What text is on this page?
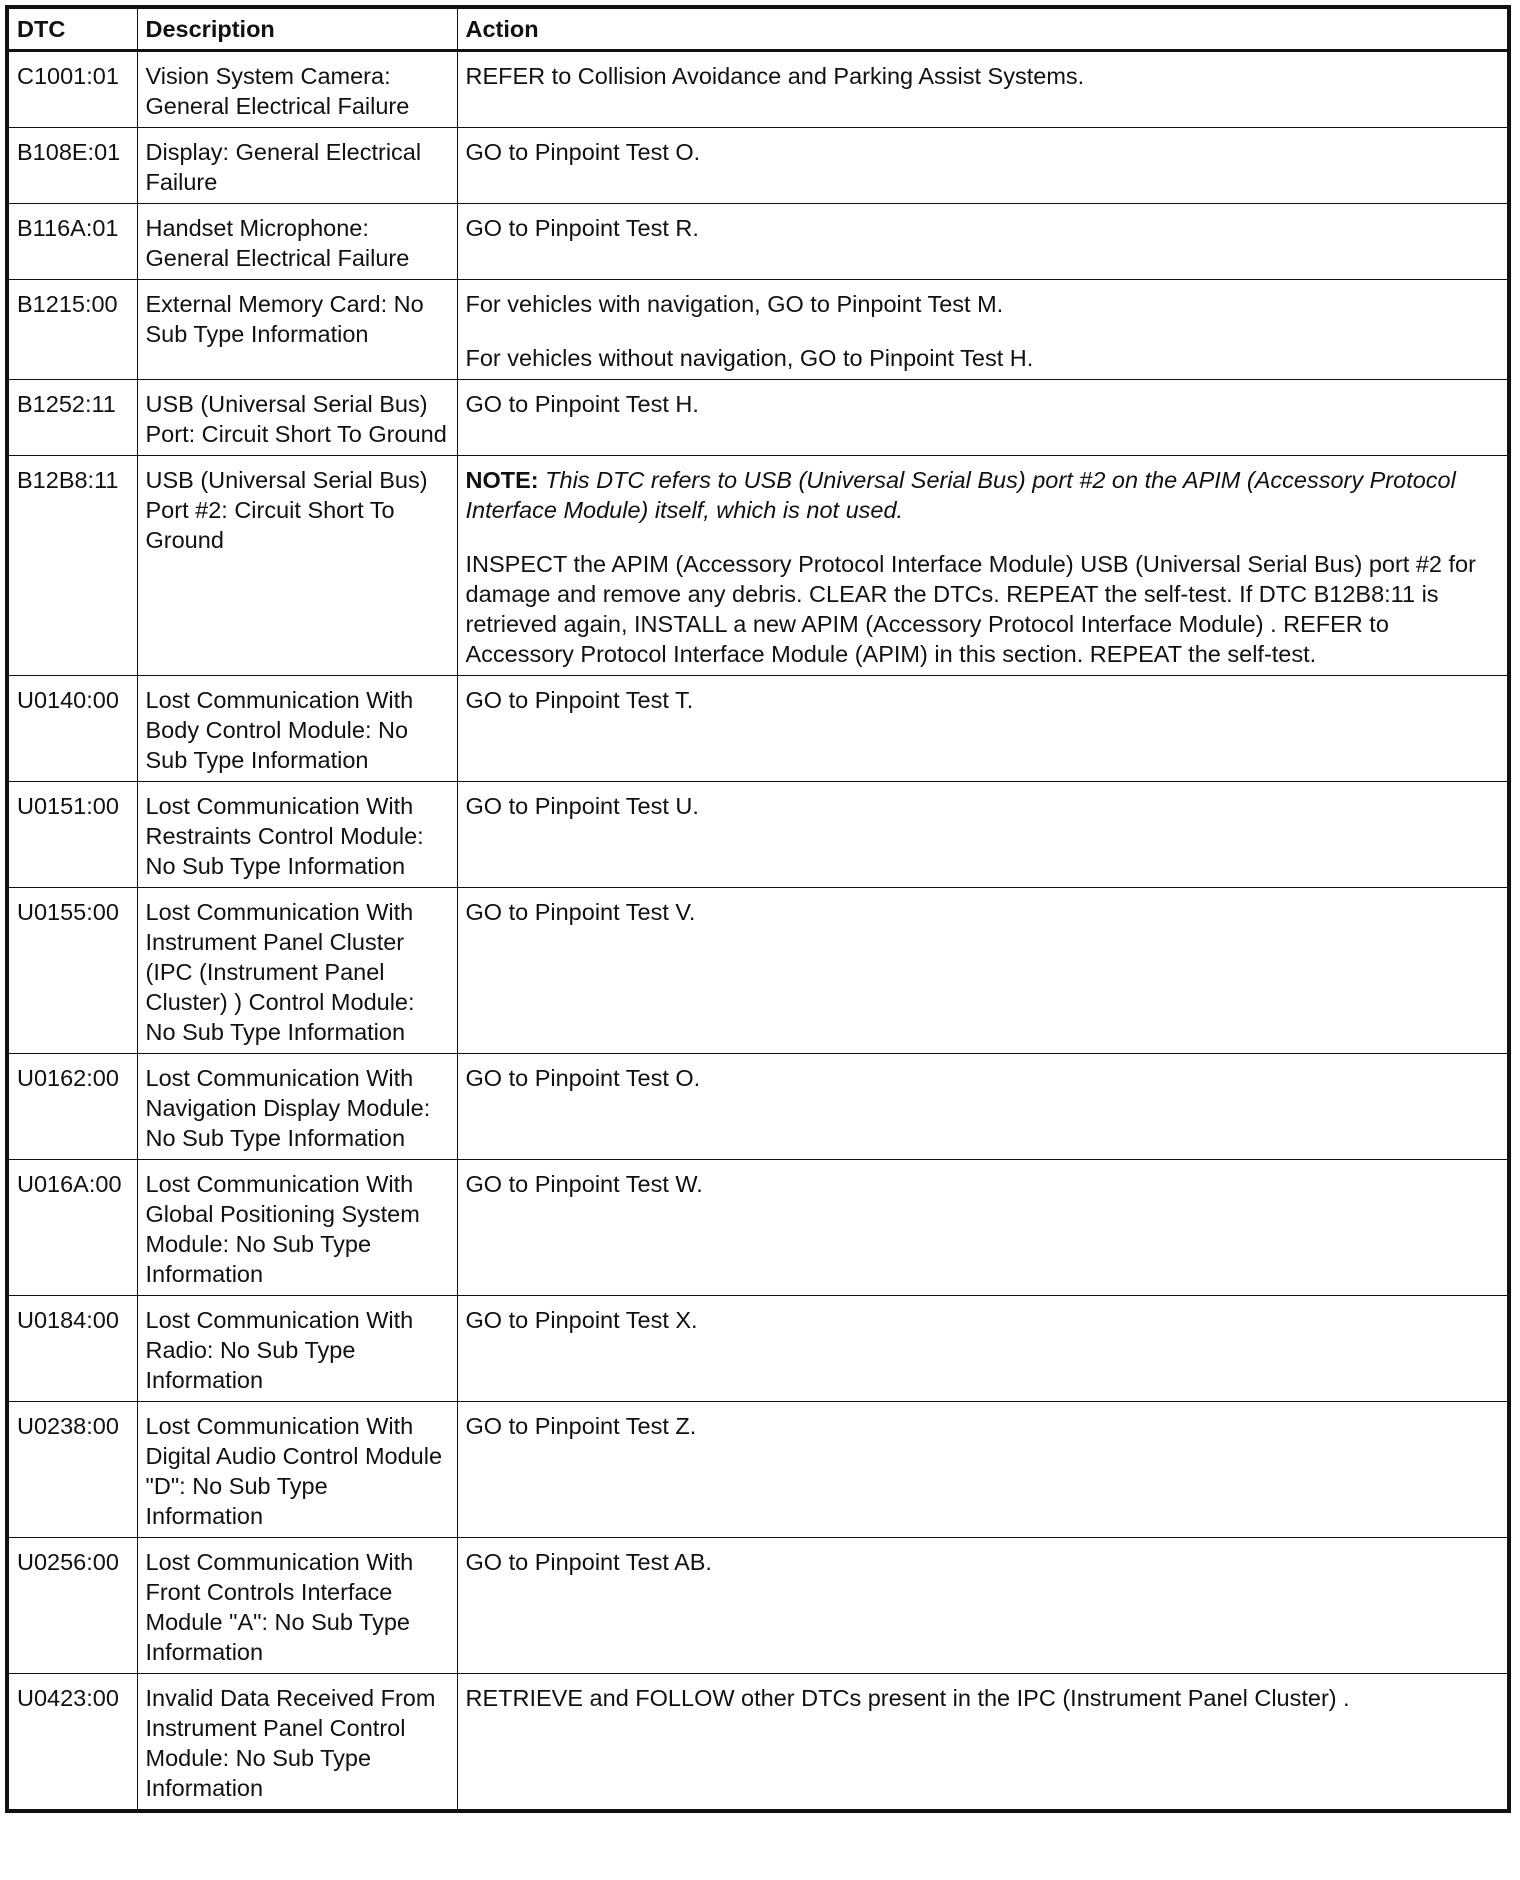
DTC	Description	Action
C1001:01	Vision System Camera: General Electrical Failure	REFER to Collision Avoidance and Parking Assist Systems.

B108E:01	Display: General Electrical Failure	GO to Pinpoint Test O.

B116A:01	Handset Microphone: General Electrical Failure	GO to Pinpoint Test R.

B1215:00	External Memory Card: No Sub Type Information	For vehicles with navigation, GO to Pinpoint Test M.

For vehicles without navigation, GO to Pinpoint Test H.

B1252:11	USB (Universal Serial Bus) Port: Circuit Short To Ground	GO to Pinpoint Test H.

B12B8:11	USB (Universal Serial Bus) Port #2: Circuit Short To Ground	NOTE: This DTC refers to USB (Universal Serial Bus) port #2 on the APIM (Accessory Protocol Interface Module) itself, which is not used.

INSPECT the APIM (Accessory Protocol Interface Module) USB (Universal Serial Bus) port #2 for damage and remove any debris. CLEAR the DTCs. REPEAT the self-test. If DTC B12B8:11 is retrieved again, INSTALL a new APIM (Accessory Protocol Interface Module) . REFER to Accessory Protocol Interface Module (APIM) in this section. REPEAT the self-test.

U0140:00	Lost Communication With Body Control Module: No Sub Type Information	GO to Pinpoint Test T.

U0151:00	Lost Communication With Restraints Control Module: No Sub Type Information	GO to Pinpoint Test U.

U0155:00	Lost Communication With Instrument Panel Cluster (IPC (Instrument Panel Cluster) ) Control Module: No Sub Type Information	GO to Pinpoint Test V.

U0162:00	Lost Communication With Navigation Display Module: No Sub Type Information	GO to Pinpoint Test O.

U016A:00	Lost Communication With Global Positioning System Module: No Sub Type Information	GO to Pinpoint Test W.

U0184:00	Lost Communication With Radio: No Sub Type Information	GO to Pinpoint Test X.

U0238:00	Lost Communication With Digital Audio Control Module "D": No Sub Type Information	GO to Pinpoint Test Z.

U0256:00	Lost Communication With Front Controls Interface Module "A": No Sub Type Information	GO to Pinpoint Test AB.

U0423:00	Invalid Data Received From Instrument Panel Control Module: No Sub Type Information	RETRIEVE and FOLLOW other DTCs present in the IPC (Instrument Panel Cluster) .
